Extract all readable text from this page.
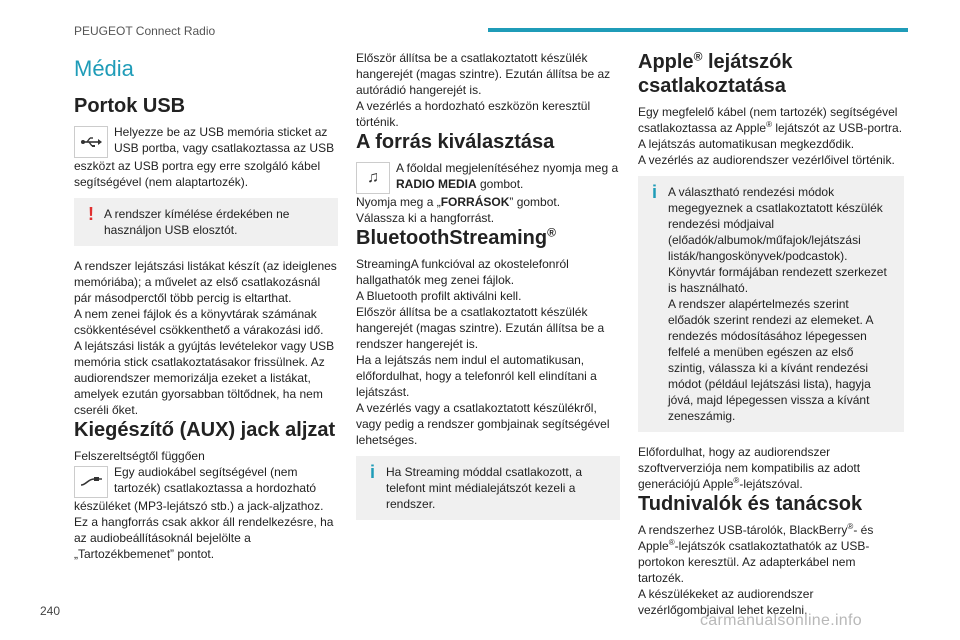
PEUGEOT Connect Radio
Média
Portok USB

Helyezze be az USB memória sticket az USB portba, vagy csatlakoztassa az USB

eszközt az USB portra egy erre szolgáló kábel segítségével (nem alaptartozék).

! A rendszer kímélése érdekében ne használjon USB elosztót.

A rendszer lejátszási listákat készít (az ideiglenes memóriába); a művelet az első csatlakozásnál pár másodperctől több percig is eltarthat.

A nem zenei fájlok és a könyvtárak számának csökkentésével csökkenthető a várakozási idő.

A lejátszási listák a gyújtás levételekor vagy USB memória stick csatlakoztatásakor frissülnek. Az audiorendszer memorizálja ezeket a listákat, amelyek ezután gyorsabban töltődnek, ha nem cseréli őket.

Kiegészítő (AUX) jack aljzat

Felszereltségtől függően

Egy audiokábel segítségével (nem tartozék) csatlakoztassa a hordozható

készüléket (MP3-lejátszó stb.) a jack-aljzathoz.

Ez a hangforrás csak akkor áll rendelkezésre, ha az audiobeállításoknál bejelölte a „Tartozékbemenet” pontot.

Először állítsa be a csatlakoztatott készülék hangerejét (magas szintre). Ezután állítsa be az autórádió hangerejét is.

A vezérlés a hordozható eszközön keresztül történik.

A forrás kiválasztása
♫

A főoldal megjelenítéséhez nyomja meg a RADIO MEDIA gombot.

Nyomja meg a „FORRÁSOK” gombot.

Válassza ki a hangforrást.

BluetoothStreaming®

StreamingA funkcióval az okostelefonról hallgathatók meg zenei fájlok.

A Bluetooth profilt aktiválni kell.

Először állítsa be a csatlakoztatott készülék hangerejét (magas szintre). Ezután állítsa be a rendszer hangerejét is.

Ha a lejátszás nem indul el automatikusan, előfordulhat, hogy a telefonról kell elindítani a lejátszást.

A vezérlés vagy a csatlakoztatott készülékről, vagy pedig a rendszer gombjainak segítségével lehetséges.

i Ha Streaming móddal csatlakozott, a telefont mint médialejátszót kezeli a rendszer.

Apple® lejátszók csatlakoztatása

Egy megfelelő kábel (nem tartozék) segítségével csatlakoztassa az Apple® lejátszót az USB-portra.

A lejátszás automatikusan megkezdődik.

A vezérlés az audiorendszer vezérlőivel történik.

i A választható rendezési módok megegyeznek a csatlakoztatott készülék rendezési módjaival (előadók/albumok/műfajok/lejátszási listák/hangoskönyvek/podcastok). Könyvtár formájában rendezett szerkezet is használható.

A rendszer alapértelmezés szerint előadók szerint rendezi az elemeket. A rendezés módosításához lépegessen felfelé a menüben egészen az első szintig, válassza ki a kívánt rendezési módot (például lejátszási lista), hagyja jóvá, majd lépegessen vissza a kívánt zeneszámig.

Előfordulhat, hogy az audiorendszer szoftververziója nem kompatibilis az adott generációjú Apple®-lejátszóval.

Tudnivalók és tanácsok

A rendszerhez USB-tárolók, BlackBerry®- és Apple®-lejátszók csatlakoztathatók az USB-portokon keresztül. Az adapterkábel nem tartozék.

A készülékeket az audiorendszer vezérlőgombjaival lehet kezelni.

240
carmanualsonline.info
